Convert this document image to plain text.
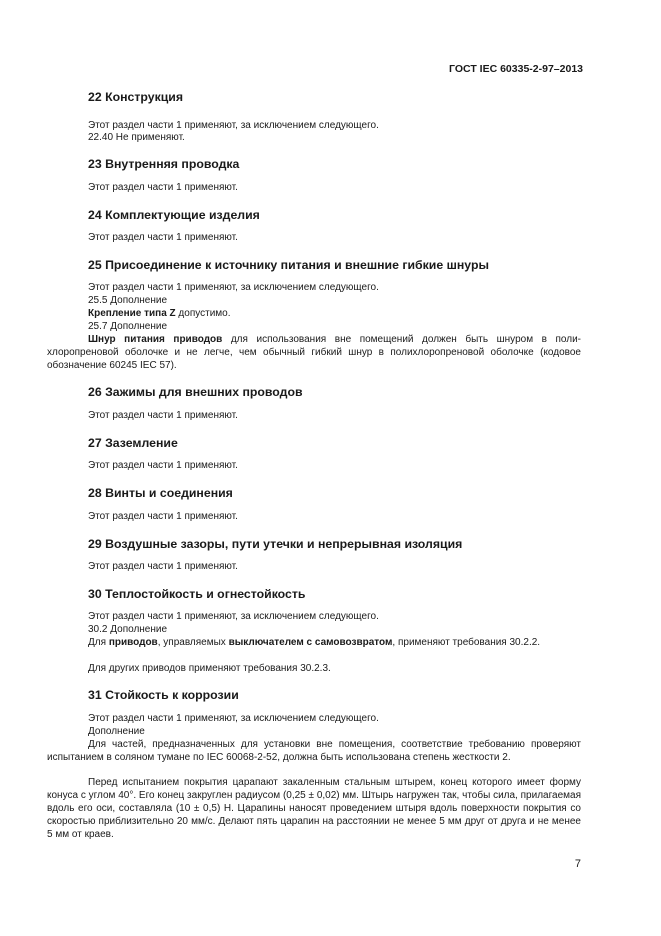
ГОСТ IEC 60335-2-97–2013
22 Конструкция
Этот раздел части 1 применяют, за исключением следующего.
22.40 Не применяют.
23 Внутренняя проводка
Этот раздел части 1 применяют.
24 Комплектующие изделия
Этот раздел части 1 применяют.
25 Присоединение к источнику питания и внешние гибкие шнуры
Этот раздел части 1 применяют, за исключением следующего.
25.5 Дополнение
Крепление типа Z допустимо.
25.7 Дополнение

Шнур питания приводов для использования вне помещений должен быть шнуром в поли-хлоропреновой оболочке и не легче, чем обычный гибкий шнур в полихлоропреновой оболочке (кодовое обозначение 60245 IEC 57).

26 Зажимы для внешних проводов
Этот раздел части 1 применяют.
27 Заземление
Этот раздел части 1 применяют.
28 Винты и соединения
Этот раздел части 1 применяют.
29 Воздушные зазоры, пути утечки и непрерывная изоляция
Этот раздел части 1 применяют.
30 Теплостойкость и огнестойкость
Этот раздел части 1 применяют, за исключением следующего.
30.2 Дополнение

Для приводов, управляемых выключателем с самовозвратом, применяют требования 30.2.2.

Для других приводов применяют требования 30.2.3.
31 Стойкость к коррозии
Этот раздел части 1 применяют, за исключением следующего.
Дополнение

Для частей, предназначенных для установки вне помещения, соответствие требованию проверяют испытанием в соляном тумане по IEC 60068-2-52, должна быть использована степень жесткости 2.

Перед испытанием покрытия царапают закаленным стальным штырем, конец которого имеет форму конуса с углом 40°. Его конец закруглен радиусом (0,25 ± 0,02) мм. Штырь нагружен так, чтобы сила, прилагаемая вдоль его оси, составляла (10 ± 0,5) Н. Царапины наносят проведением штыря вдоль поверхности покрытия со скоростью приблизительно 20 мм/с. Делают пять царапин на расстоянии не менее 5 мм друг от друга и не менее 5 мм от краев.

7
